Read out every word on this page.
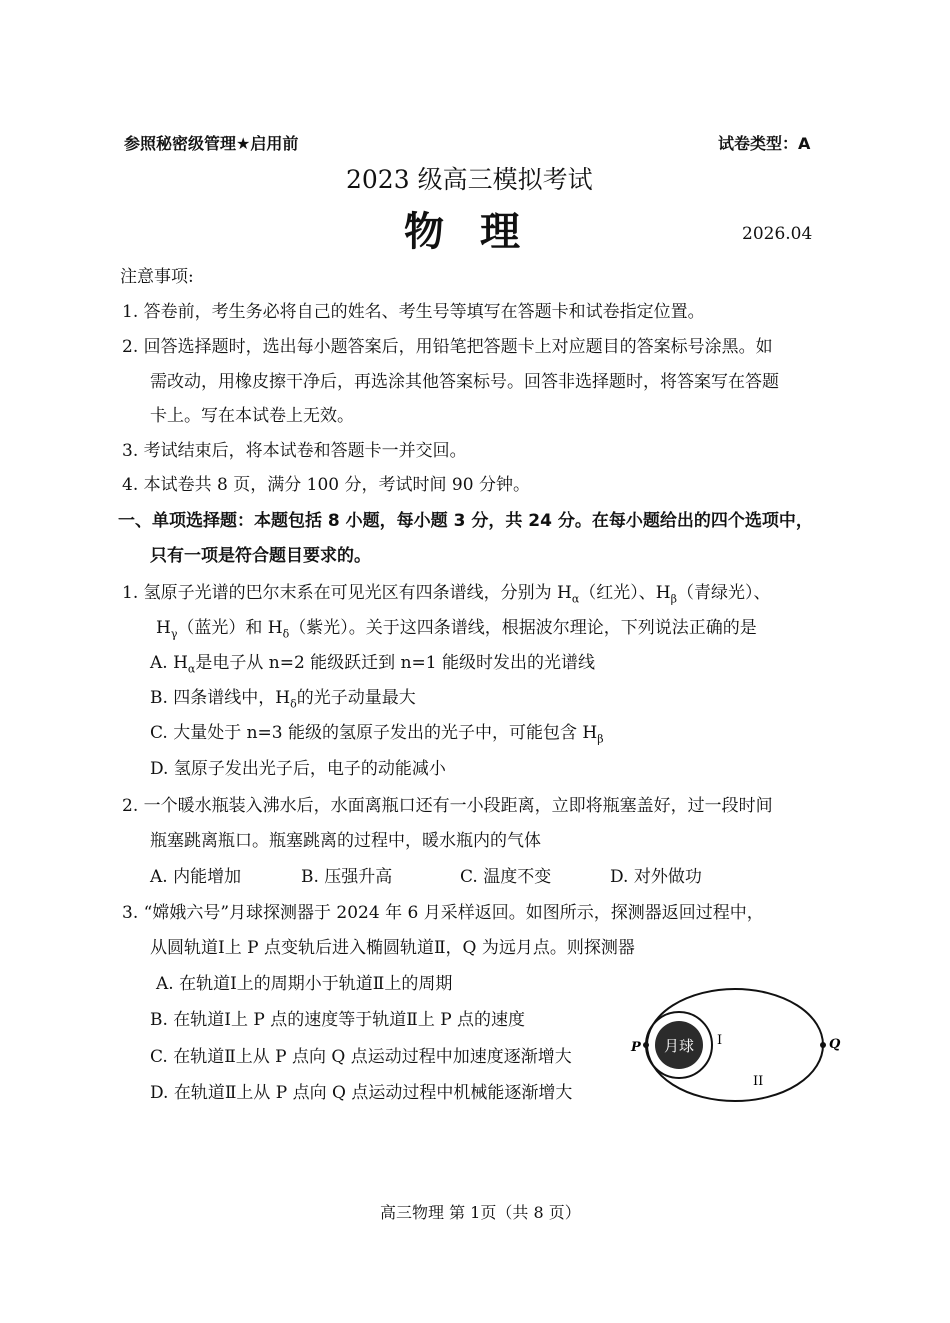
参照秘密级管理★启用前	试卷类型：A
2023 级高三模拟考试
物理	2026.04
注意事项:
1. 答卷前，考生务必将自己的姓名、考生号等填写在答题卡和试卷指定位置。
2. 回答选择题时，选出每小题答案后，用铅笔把答题卡上对应题目的答案标号涂黑。如
需改动，用橡皮擦干净后，再选涂其他答案标号。回答非选择题时，将答案写在答题
卡上。写在本试卷上无效。
3. 考试结束后，将本试卷和答题卡一并交回。
4. 本试卷共 8 页，满分 100 分，考试时间 90 分钟。
一、单项选择题：本题包括 8 小题，每小题 3 分，共 24 分。在每小题给出的四个选项中，
只有一项是符合题目要求的。
1. 氢原子光谱的巴尔末系在可见光区有四条谱线，分别为 $H_\alpha$（红光）、$H_\beta$（青绿光）、
$H_\gamma$（蓝光）和 $H_\delta$（紫光）。关于这四条谱线，根据波尔理论，下列说法正确的是
A. $H_\alpha$是电子从 n=2 能级跃迁到 n=1 能级时发出的光谱线
B. 四条谱线中，$H_\delta$的光子动量最大
C. 大量处于 n=3 能级的氢原子发出的光子中，可能包含 $H_\beta$
D. 氢原子发出光子后，电子的动能减小
2. 一个暖水瓶装入沸水后，水面离瓶口还有一小段距离，立即将瓶塞盖好，过一段时间
瓶塞跳离瓶口。瓶塞跳离的过程中，暖水瓶内的气体
A. 内能增加	B. 压强升高	C. 温度不变	D. 对外做功
3. “嫦娥六号”月球探测器于 2024 年 6 月采样返回。如图所示，探测器返回过程中，
从圆轨道Ⅰ上 P 点变轨后进入椭圆轨道Ⅱ，Q 为远月点。则探测器
A. 在轨道Ⅰ上的周期小于轨道Ⅱ上的周期
B. 在轨道Ⅰ上 P 点的速度等于轨道Ⅱ上 P 点的速度
C. 在轨道Ⅱ上从 P 点向 Q 点运动过程中加速度逐渐增大
D. 在轨道Ⅱ上从 P 点向 Q 点运动过程中机械能逐渐增大
月球
P	Q
I
II
高三物理 第 1页（共 8 页）
